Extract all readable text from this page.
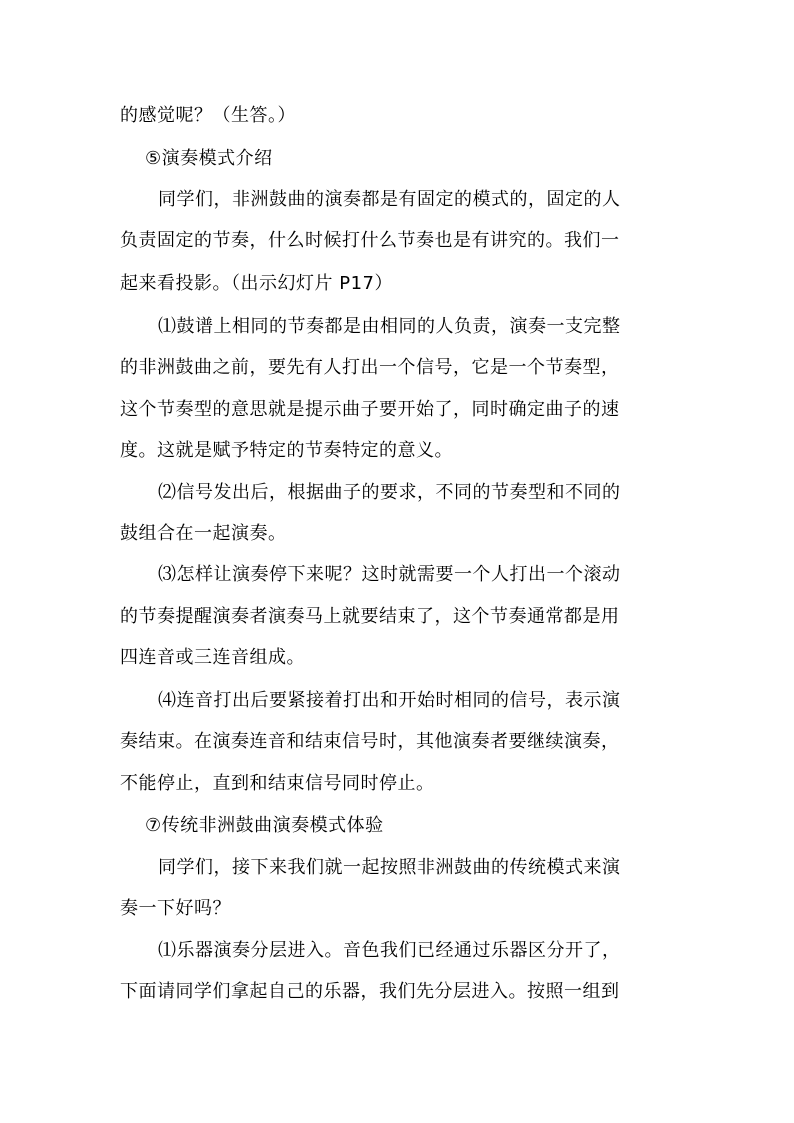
的感觉呢？（生答。）
⑤演奏模式介绍
同学们，非洲鼓曲的演奏都是有固定的模式的，固定的人
负责固定的节奏，什么时候打什么节奏也是有讲究的。我们一
起来看投影。（出示幻灯片 P17）
⑴鼓谱上相同的节奏都是由相同的人负责，演奏一支完整
的非洲鼓曲之前，要先有人打出一个信号，它是一个节奏型，
这个节奏型的意思就是提示曲子要开始了，同时确定曲子的速
度。这就是赋予特定的节奏特定的意义。
⑵信号发出后，根据曲子的要求，不同的节奏型和不同的
鼓组合在一起演奏。
⑶怎样让演奏停下来呢？这时就需要一个人打出一个滚动
的节奏提醒演奏者演奏马上就要结束了，这个节奏通常都是用
四连音或三连音组成。
⑷连音打出后要紧接着打出和开始时相同的信号，表示演
奏结束。在演奏连音和结束信号时，其他演奏者要继续演奏，
不能停止，直到和结束信号同时停止。
⑦传统非洲鼓曲演奏模式体验
同学们，接下来我们就一起按照非洲鼓曲的传统模式来演
奏一下好吗？
⑴乐器演奏分层进入。音色我们已经通过乐器区分开了，
下面请同学们拿起自己的乐器，我们先分层进入。按照一组到
